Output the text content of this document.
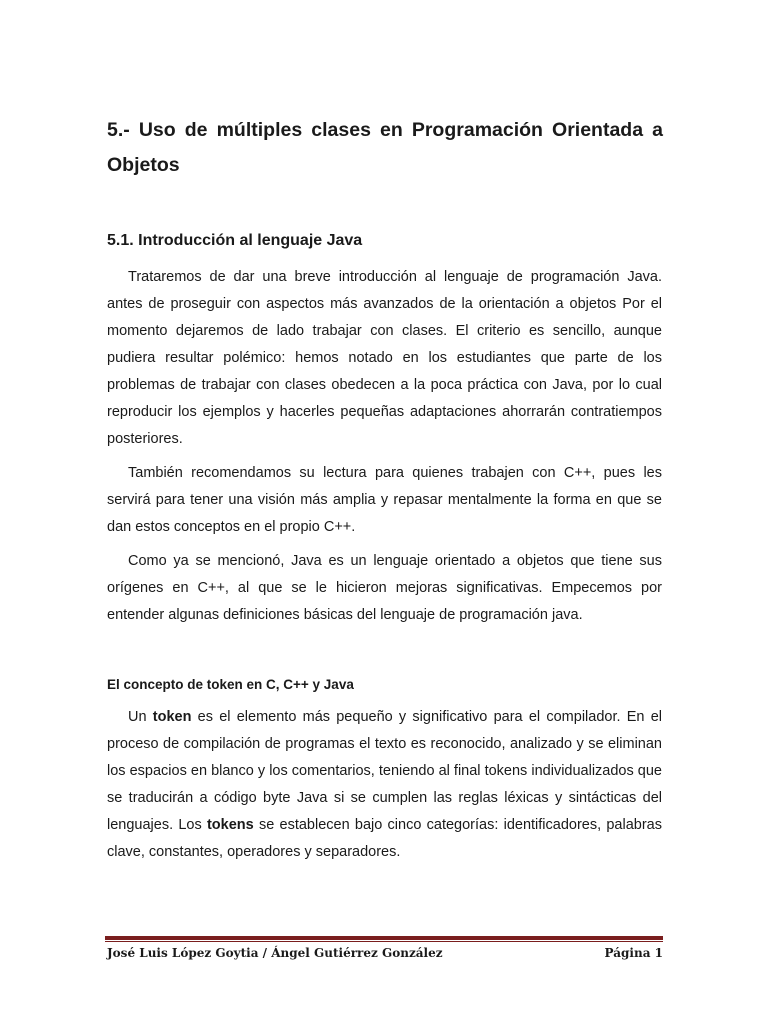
5.- Uso de múltiples clases en Programación Orientada a Objetos
5.1. Introducción al lenguaje Java

Trataremos de dar una breve introducción al lenguaje de programación Java. antes de proseguir con aspectos más avanzados de la orientación a objetos Por el momento dejaremos de lado trabajar con clases. El criterio es sencillo, aunque pudiera resultar polémico: hemos notado en los estudiantes que parte de los problemas de trabajar con clases obedecen a la poca práctica con Java, por lo cual reproducir los ejemplos y hacerles pequeñas adaptaciones ahorrarán contratiempos posteriores.

También recomendamos su lectura para quienes trabajen con C++, pues les servirá para tener una visión más amplia y repasar mentalmente la forma en que se dan estos conceptos en el propio C++.

Como ya se mencionó, Java es un lenguaje orientado a objetos que tiene sus orígenes en C++, al que se le hicieron mejoras significativas. Empecemos por entender algunas definiciones básicas del lenguaje de programación java.

El concepto de token en C, C++ y Java

Un token es el elemento más pequeño y significativo para el compilador. En el proceso de compilación de programas el texto es reconocido, analizado y se eliminan los espacios en blanco y los comentarios, teniendo al final tokens individualizados que se traducirán a código byte Java si se cumplen las reglas léxicas y sintácticas del lenguajes. Los tokens se establecen bajo cinco categorías: identificadores, palabras clave, constantes, operadores y separadores.

José Luis López Goytia / Ángel Gutiérrez González	Página 1
